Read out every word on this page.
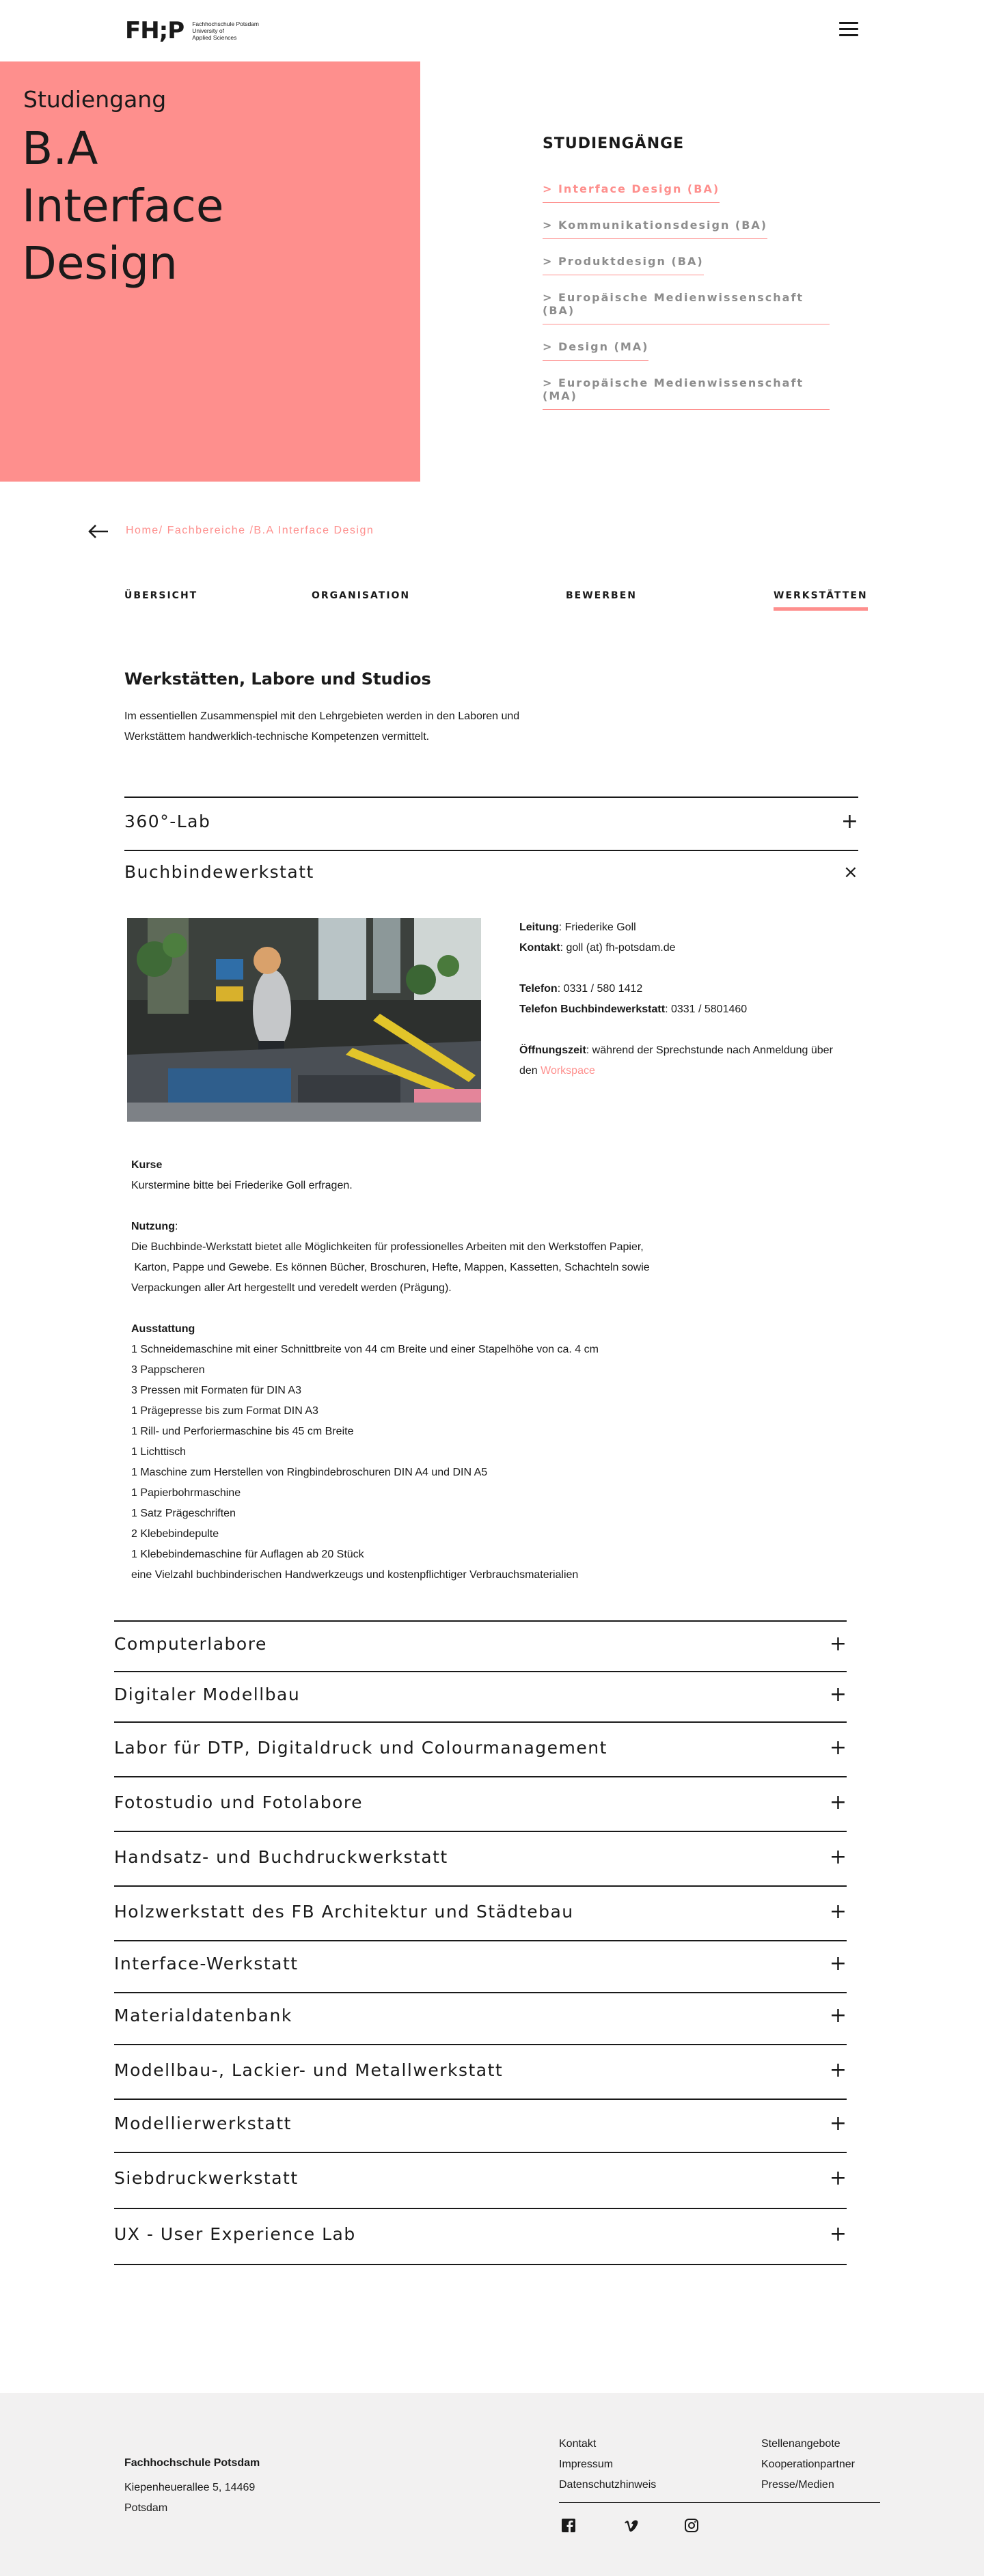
FH;P Fachhochschule Potsdam
University of
Applied Sciences
Studiengang
B.A
Interface
Design
STUDIENGÄNGE
> Interface Design (BA)
> Kommunikationsdesign (BA)
> Produktdesign (BA)
> Europäische Medienwissenschaft (BA)
> Design (MA)
> Europäische Medienwissenschaft (MA)
Home/ Fachbereiche /B.A Interface Design
ÜBERSICHT	ORGANISATION	BEWERBEN	WERKSTÄTTEN
Werkstätten, Labore und Studios
Im essentiellen Zusammenspiel mit den Lehrgebieten werden in den Laboren und Werkstättem handwerklich-technische Kompetenzen vermittelt.
360°-Lab	+
Buchbindewerkstatt	×
Leitung: Friederike Goll
Kontakt: goll (at) fh-potsdam.de
Telefon: 0331 / 580 1412
Telefon Buchbindewerkstatt: 0331 / 5801460
Öffnungszeit: während der Sprechstunde nach Anmeldung über den Workspace
Kurse
Kurstermine bitte bei Friederike Goll erfragen.
Nutzung:
Die Buchbinde-Werkstatt bietet alle Möglichkeiten für professionelles Arbeiten mit den Werkstoffen Papier,
Karton, Pappe und Gewebe. Es können Bücher, Broschuren, Hefte, Mappen, Kassetten, Schachteln sowie
Verpackungen aller Art hergestellt und veredelt werden (Prägung).
Ausstattung
1 Schneidemaschine mit einer Schnittbreite von 44 cm Breite und einer Stapelhöhe von ca. 4 cm
3 Pappscheren
3 Pressen mit Formaten für DIN A3
1 Prägepresse bis zum Format DIN A3
1 Rill- und Perforiermaschine bis 45 cm Breite
1 Lichttisch
1 Maschine zum Herstellen von Ringbindebroschuren DIN A4 und DIN A5
1 Papierbohrmaschine
1 Satz Prägeschriften
2 Klebebindepulte
1 Klebebindemaschine für Auflagen ab 20 Stück
eine Vielzahl buchbinderischen Handwerkzeugs und kostenpflichtiger Verbrauchsmaterialien
Computerlabore	+
Digitaler Modellbau	+
Labor für DTP, Digitaldruck und Colourmanagement	+
Fotostudio und Fotolabore	+
Handsatz- und Buchdruckwerkstatt	+
Holzwerkstatt des FB Architektur und Städtebau	+
Interface-Werkstatt	+
Materialdatenbank	+
Modellbau-, Lackier- und Metallwerkstatt	+
Modellierwerkstatt	+
Siebdruckwerkstatt	+
UX - User Experience Lab	+
Fachhochschule Potsdam
Kiepenheuerallee 5, 14469
Potsdam
Kontakt
Impressum
Datenschutzhinweis
Stellenangebote
Kooperationpartner
Presse/Medien
